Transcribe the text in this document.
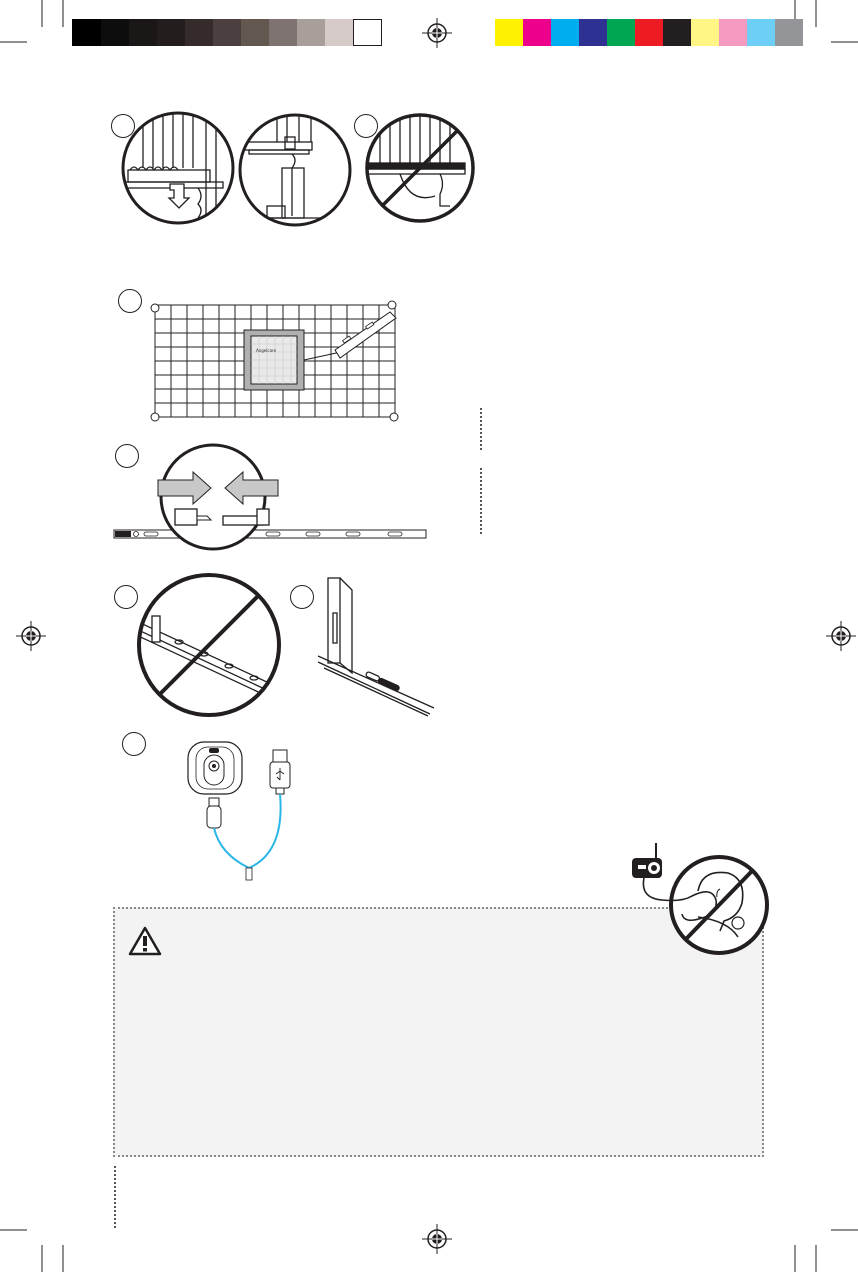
Angelcare
